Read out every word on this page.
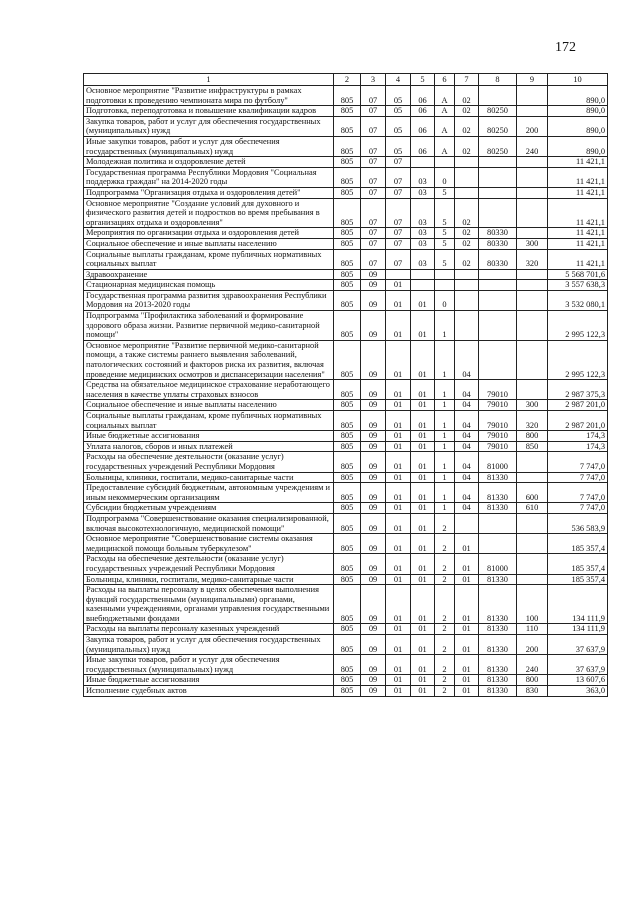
172
1	2	3	4	5	6	7	8	9	10
Основное мероприятие "Развитие инфраструктуры в рамках подготовки к проведению чемпионата мира по футболу"	805	07	05	06	А	02			890,0
Подготовка, переподготовка и повышение квалификации кадров	805	07	05	06	А	02	80250		890,0
Закупка товаров, работ и услуг для обеспечения государственных (муниципальных) нужд	805	07	05	06	А	02	80250	200	890,0
Иные закупки товаров, работ и услуг для обеспечения государственных (муниципальных) нужд	805	07	05	06	А	02	80250	240	890,0
Молодежная политика и оздоровление детей	805	07	07						11 421,1
Государственная программа Республики Мордовия "Социальная поддержка граждан" на 2014-2020 годы	805	07	07	03	0				11 421,1
Подпрограмма "Организация отдыха и оздоровления детей"	805	07	07	03	5				11 421,1
Основное мероприятие "Создание условий для духовного и физического развития детей и подростков во время пребывания в организациях отдыха и оздоровления"	805	07	07	03	5	02			11 421,1
Мероприятия по организации отдыха и оздоровления детей	805	07	07	03	5	02	80330		11 421,1
Социальное обеспечение и иные выплаты населению	805	07	07	03	5	02	80330	300	11 421,1
Социальные выплаты гражданам, кроме публичных нормативных социальных выплат	805	07	07	03	5	02	80330	320	11 421,1
Здравоохранение	805	09							5 568 701,6
Стационарная медицинская помощь	805	09	01						3 557 638,3
Государственная программа развития здравоохранения Республики Мордовия на 2013-2020 годы	805	09	01	01	0				3 532 080,1
Подпрограмма "Профилактика заболеваний и формирование здорового образа жизни. Развитие первичной медико-санитарной помощи"	805	09	01	01	1				2 995 122,3
Основное мероприятие "Развитие первичной медико-санитарной помощи, а также системы раннего выявления заболеваний, патологических состояний и факторов риска их развития, включая проведение медицинских осмотров и диспансеризации населения"	805	09	01	01	1	04			2 995 122,3
Средства на обязательное медицинское страхование неработающего населения в качестве уплаты страховых взносов	805	09	01	01	1	04	79010		2 987 375,3
Социальное обеспечение и иные выплаты населению	805	09	01	01	1	04	79010	300	2 987 201,0
Социальные выплаты гражданам, кроме публичных нормативных социальных выплат	805	09	01	01	1	04	79010	320	2 987 201,0
Иные бюджетные ассигнования	805	09	01	01	1	04	79010	800	174,3
Уплата налогов, сборов и иных платежей	805	09	01	01	1	04	79010	850	174,3
Расходы на обеспечение деятельности (оказание услуг) государственных учреждений Республики Мордовия	805	09	01	01	1	04	81000		7 747,0
Больницы, клиники, госпитали, медико-санитарные части	805	09	01	01	1	04	81330		7 747,0
Предоставление субсидий бюджетным, автономным учреждениям и иным некоммерческим организациям	805	09	01	01	1	04	81330	600	7 747,0
Субсидии бюджетным учреждениям	805	09	01	01	1	04	81330	610	7 747,0
Подпрограмма "Совершенствование оказания специализированной, включая высокотехнологичную, медицинской помощи"	805	09	01	01	2				536 583,9
Основное мероприятие "Совершенствование системы оказания медицинской помощи больным туберкулезом"	805	09	01	01	2	01			185 357,4
Расходы на обеспечение деятельности (оказание услуг) государственных учреждений Республики Мордовия	805	09	01	01	2	01	81000		185 357,4
Больницы, клиники, госпитали, медико-санитарные части	805	09	01	01	2	01	81330		185 357,4
Расходы на выплаты персоналу в целях обеспечения выполнения функций государственными (муниципальными) органами, казенными учреждениями, органами управления государственными внебюджетными фондами	805	09	01	01	2	01	81330	100	134 111,9
Расходы на выплаты персоналу казенных учреждений	805	09	01	01	2	01	81330	110	134 111,9
Закупка товаров, работ и услуг для обеспечения государственных (муниципальных) нужд	805	09	01	01	2	01	81330	200	37 637,9
Иные закупки товаров, работ и услуг для обеспечения государственных (муниципальных) нужд	805	09	01	01	2	01	81330	240	37 637,9
Иные бюджетные ассигнования	805	09	01	01	2	01	81330	800	13 607,6
Исполнение судебных актов	805	09	01	01	2	01	81330	830	363,0
